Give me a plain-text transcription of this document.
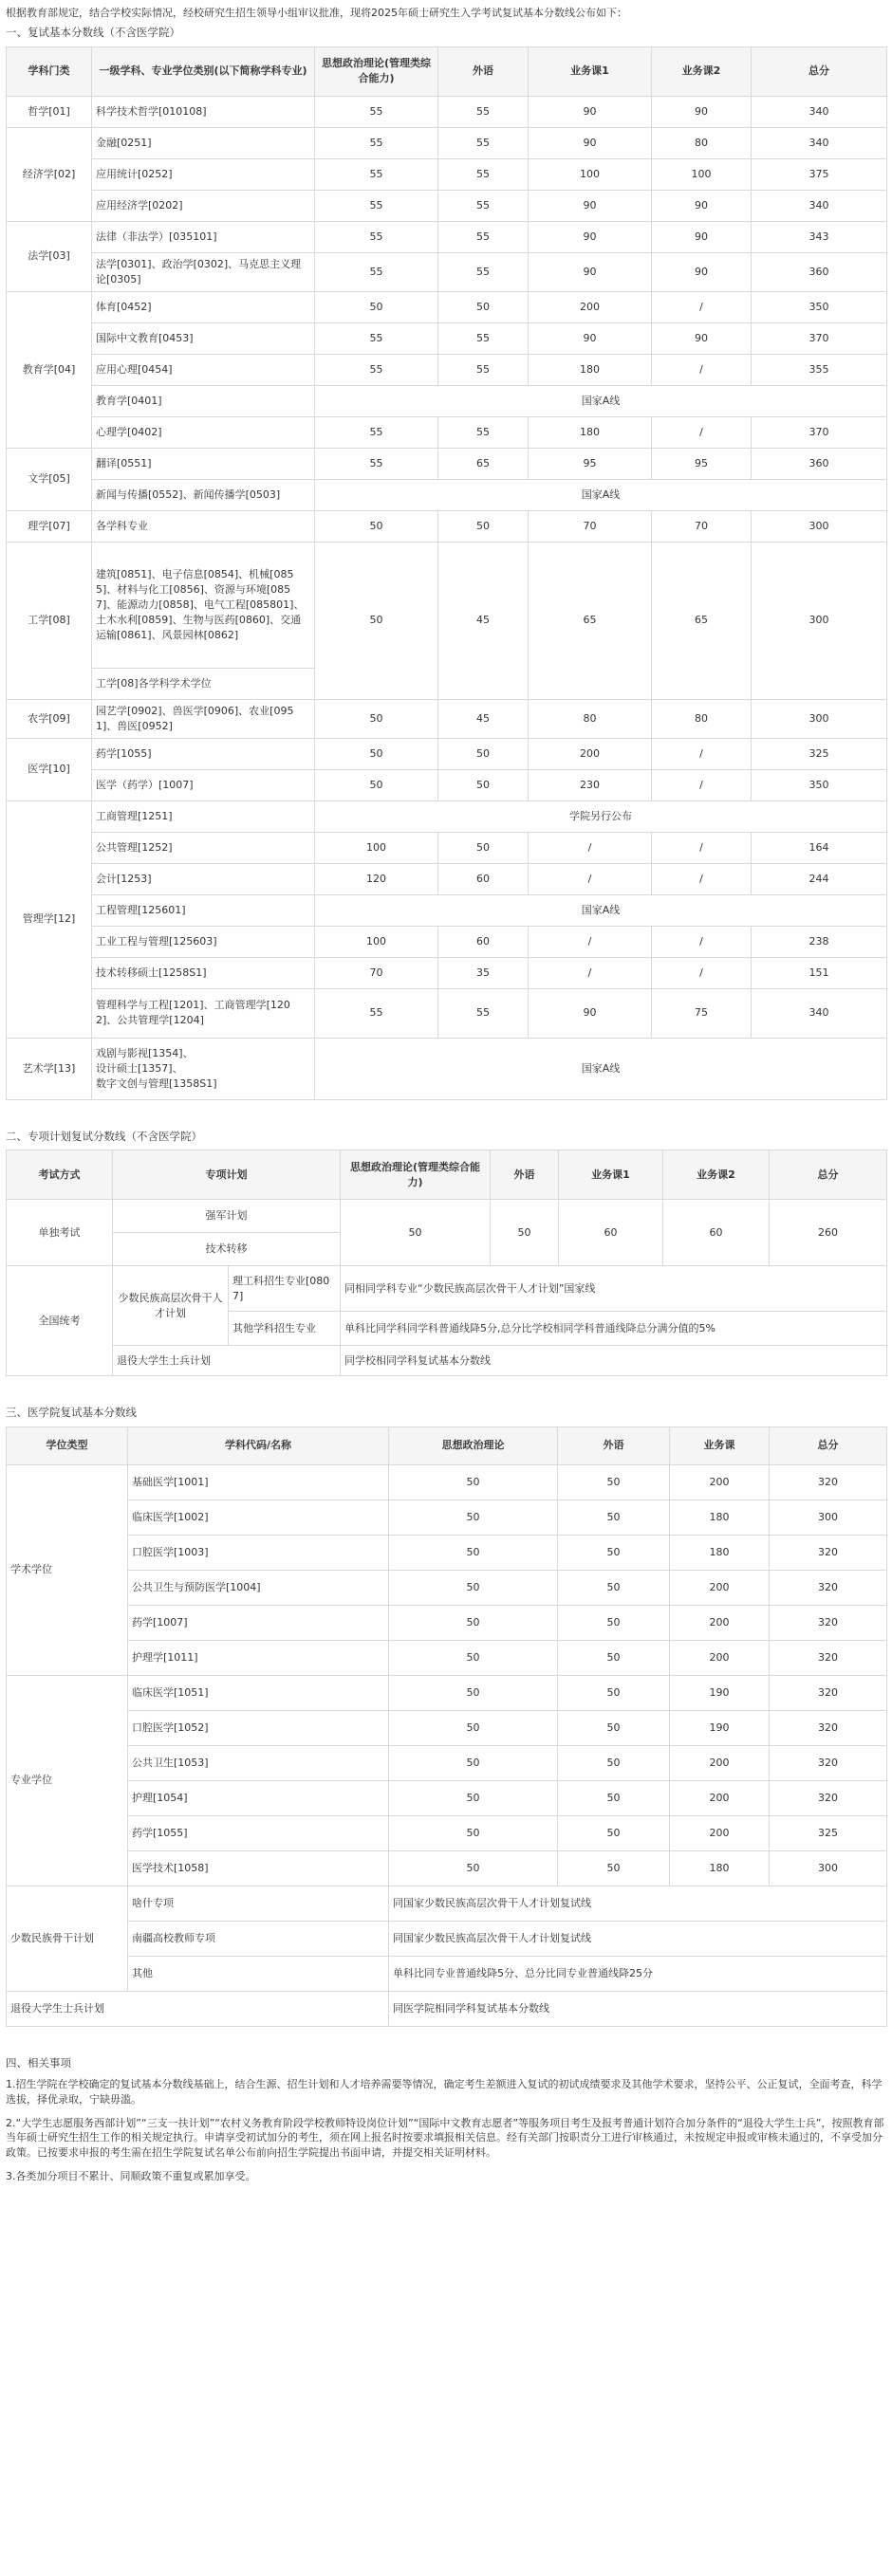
根据教育部规定，结合学校实际情况，经校研究生招生领导小组审议批准，现将2025年硕士研究生入学考试复试基本分数线公布如下：

一、复试基本分数线（不含医学院）
学科门类	一级学科、专业学位类别(以下简称学科专业)	思想政治理论(管理类综合能力)	外语	业务课1	业务课2	总分
哲学[01]	科学技术哲学[010108]	55	55	90	90	340
经济学[02]	金融[0251]	55	55	90	80	340
	应用统计[0252]	55	55	100	100	375
	应用经济学[0202]	55	55	90	90	340
法学[03]	法律（非法学）[035101]	55	55	90	90	343
	法学[0301]、政治学[0302]、马克思主义理论[0305]	55	55	90	90	360
教育学[04]	体育[0452]	50	50	200	/	350
	国际中文教育[0453]	55	55	90	90	370
	应用心理[0454]	55	55	180	/	355
	教育学[0401]	国家A线				
	心理学[0402]	55	55	180	/	370
文学[05]	翻译[0551]	55	65	95	95	360
	新闻与传播[0552]、新闻传播学[0503]	国家A线				
理学[07]	各学科专业	50	50	70	70	300
工学[08]	建筑[0851]、电子信息[0854]、机械[0855]、材料与化工[0856]、资源与环境[0857]、能源动力[0858]、电气工程[085801]、土木水利[0859]、生物与医药[0860]、交通运输[0861]、风景园林[0862]	50	45	65	65	300
	工学[08]各学科学术学位					
农学[09]	园艺学[0902]、兽医学[0906]、农业[0951]、兽医[0952]	50	45	80	80	300
医学[10]	药学[1055]	50	50	200	/	325
	医学（药学）[1007]	50	50	230	/	350
管理学[12]	工商管理[1251]	学院另行公布				
	公共管理[1252]	100	50	/	/	164
	会计[1253]	120	60	/	/	244
	工程管理[125601]	国家A线				
	工业工程与管理[125603]	100	60	/	/	238
	技术转移硕士[1258S1]	70	35	/	/	151
	管理科学与工程[1201]、工商管理学[1202]、公共管理学[1204]	55	55	90	75	340
艺术学[13]	戏剧与影视[1354]、
设计硕士[1357]、
数字文创与管理[1358S1]	国家A线				
二、专项计划复试分数线（不含医学院）
考试方式	专项计划		思想政治理论(管理类综合能力)	外语	业务课1	业务课2	总分
单独考试	强军计划		50	50	60	60	260
	技术转移						
全国统考	少数民族高层次骨干人才计划	理工科招生专业[0807]	同相同学科专业“少数民族高层次骨干人才计划”国家线				
		其他学科招生专业	单科比同学科同学科普通线降5分,总分比学校相同学科普通线降总分满分值的5%				
	退役大学生士兵计划		同学校相同学科复试基本分数线				
三、医学院复试基本分数线
学位类型	学科代码/名称	思想政治理论	外语	业务课	总分
学术学位	基础医学[1001]	50	50	200	320
	临床医学[1002]	50	50	180	300
	口腔医学[1003]	50	50	180	320
	公共卫生与预防医学[1004]	50	50	200	320
	药学[1007]	50	50	200	320
	护理学[1011]	50	50	200	320
专业学位	临床医学[1051]	50	50	190	320
	口腔医学[1052]	50	50	190	320
	公共卫生[1053]	50	50	200	320
	护理[1054]	50	50	200	320
	药学[1055]	50	50	200	325
	医学技术[1058]	50	50	180	300
少数民族骨干计划	啥什专项	同国家少数民族高层次骨干人才计划复试线			
	南疆高校教师专项	同国家少数民族高层次骨干人才计划复试线			
	其他	单科比同专业普通线降5分、总分比同专业普通线降25分			
退役大学生士兵计划		同医学院相同学科复试基本分数线			
四、相关事项

1.招生学院在学校确定的复试基本分数线基础上，结合生源、招生计划和人才培养需要等情况，确定考生差额进入复试的初试成绩要求及其他学术要求，坚持公平、公正复试，全面考查，科学选拔，择优录取，宁缺毋滥。

2.“大学生志愿服务西部计划”“三支一扶计划”“农村义务教育阶段学校教师特设岗位计划”“国际中文教育志愿者”等服务项目考生及报考普通计划符合加分条件的“退役大学生士兵”，按照教育部当年硕士研究生招生工作的相关规定执行。申请享受初试加分的考生，须在网上报名时按要求填报相关信息。经有关部门按职责分工进行审核通过，未按规定申报或审核未通过的，不享受加分政策。已按要求申报的考生需在招生学院复试名单公布前向招生学院提出书面申请，并提交相关证明材料。

3.各类加分项目不累计、同顺政策不重复或累加享受。
